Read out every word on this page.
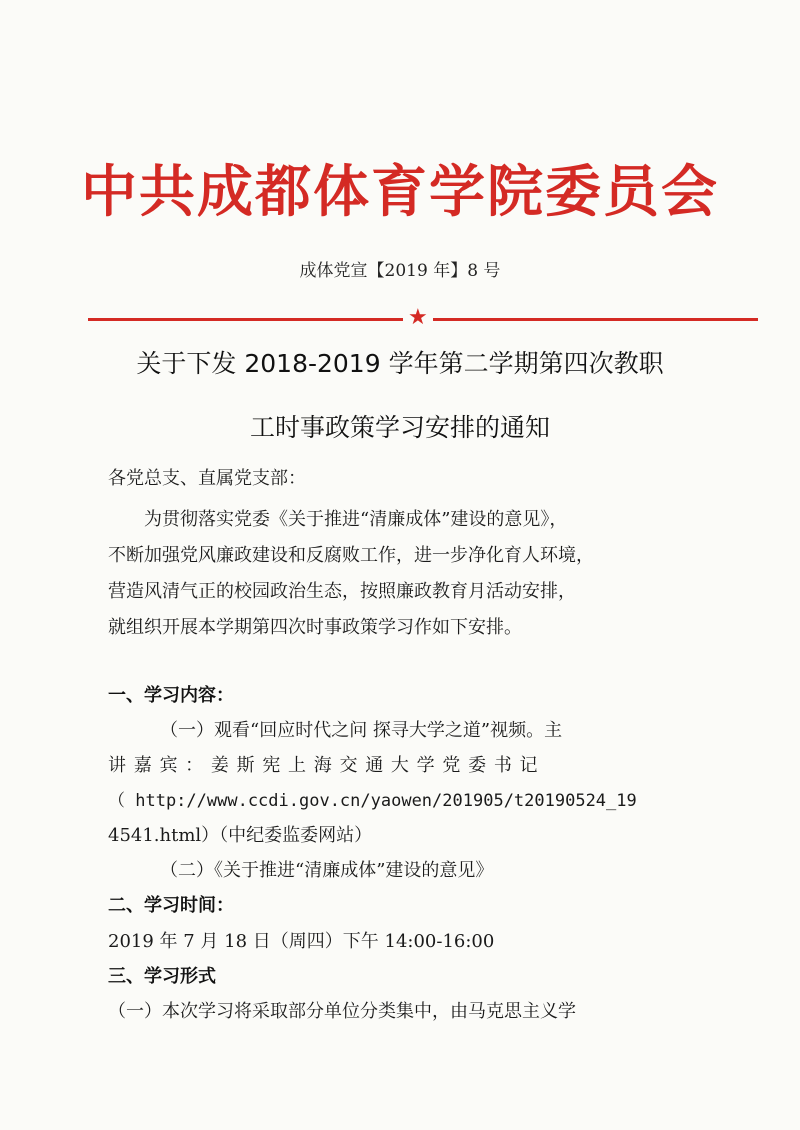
中共成都体育学院委员会
成体党宣【2019 年】8 号
★
关于下发 2018-2019 学年第二学期第四次教职
工时事政策学习安排的通知
各党总支、直属党支部：
为贯彻落实党委《关于推进“清廉成体”建设的意见》，
不断加强党风廉政建设和反腐败工作，进一步净化育人环境，
营造风清气正的校园政治生态，按照廉政教育月活动安排，
就组织开展本学期第四次时事政策学习作如下安排。
一、学习内容：
（一）观看“回应时代之问 探寻大学之道”视频。主
讲 嘉 宾 ： 姜 斯 宪 上 海 交 通 大 学 党 委 书 记
（ http://www.ccdi.gov.cn/yaowen/201905/t20190524_19
4541.html）（中纪委监委网站）
（二）《关于推进“清廉成体”建设的意见》
二、学习时间：
2019 年 7 月 18 日（周四）下午 14:00-16:00
三、学习形式
（一）本次学习将采取部分单位分类集中，由马克思主义学
